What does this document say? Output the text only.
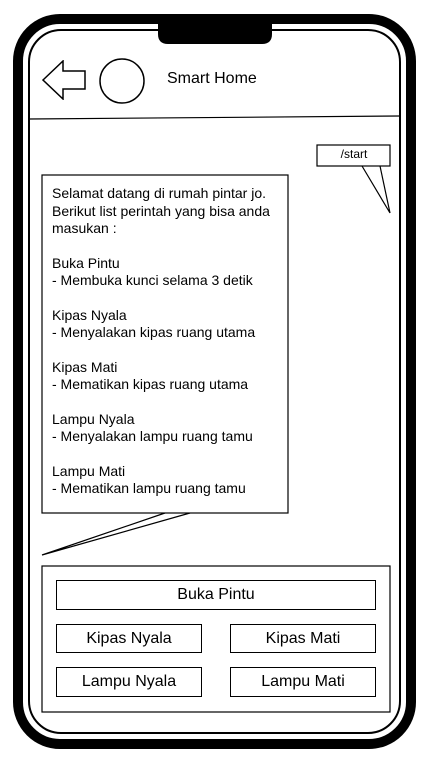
Smart Home
/start

Selamat datang di rumah pintar jo.
Berikut list perintah yang bisa anda
masukan :

Buka Pintu
- Membuka kunci selama 3 detik

Kipas Nyala
- Menyalakan kipas ruang utama

Kipas Mati
- Mematikan kipas ruang utama

Lampu Nyala
- Menyalakan lampu ruang tamu

Lampu Mati
- Mematikan lampu ruang tamu

Buka Pintu
Kipas Nyala	Kipas Mati
Lampu Nyala	Lampu Mati
